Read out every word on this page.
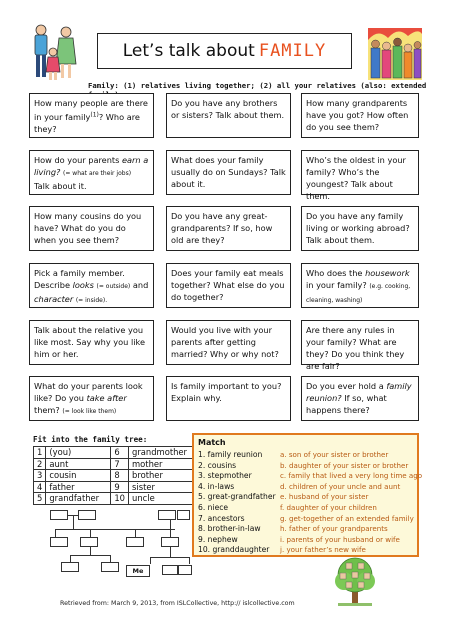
Let’s talk about FAMILY
Family: (1) relatives living together; (2) all your relatives (also: extended
How many people are there in your family$^{(1)}$? Who are they?
Do you have any brothers or sisters? Talk about them.
How many grandparents have you got? How often do you see them?
How do your parents earn a living? (= what are their jobs) Talk about it.
What does your family usually do on Sundays? Talk about it.
Who’s the oldest in your family? Who’s the youngest? Talk about them.
How many cousins do you have? What do you do when you see them?
Do you have any great-grandparents? If so, how old are they?
Do you have any family living or working abroad? Talk about them.
Pick a family member. Describe looks (= outside) and character (= inside).
Does your family eat meals together? What else do you do together?
Who does the housework in your family? (e.g. cooking, cleaning, washing)
Talk about the relative you like most. Say why you like him or her.
Would you live with your parents after getting married? Why or why not?
Are there any rules in your family? What are they? Do you think they are fair?
What do your parents look like? Do you take after them? (= look like them)
Is family important to you? Explain why.
Do you ever hold a family reunion? If so, what happens there?
Fit into the family tree:
1	(you)	6	grandmother
2	aunt	7	mother
3	cousin	8	brother
4	father	9	sister
5	grandfather	10	uncle
Me
Match
1. family reunion
2. cousins
3. stepmother
4. in-laws
5. great-grandfather
6. niece
7. ancestors
8. brother-in-law
9. nephew
10. granddaughter
a. son of your sister or brother
b. daughter of your sister or brother
c. family that lived a very long time ago
d. children of your uncle and aunt
e. husband of your sister
f. daughter of your children
g. get-together of an extended family
h. father of your grandparents
i. parents of your husband or wife
j. your father’s new wife
Retrieved from: March 9, 2013, from ISLCollective, http:// islcollective.com
